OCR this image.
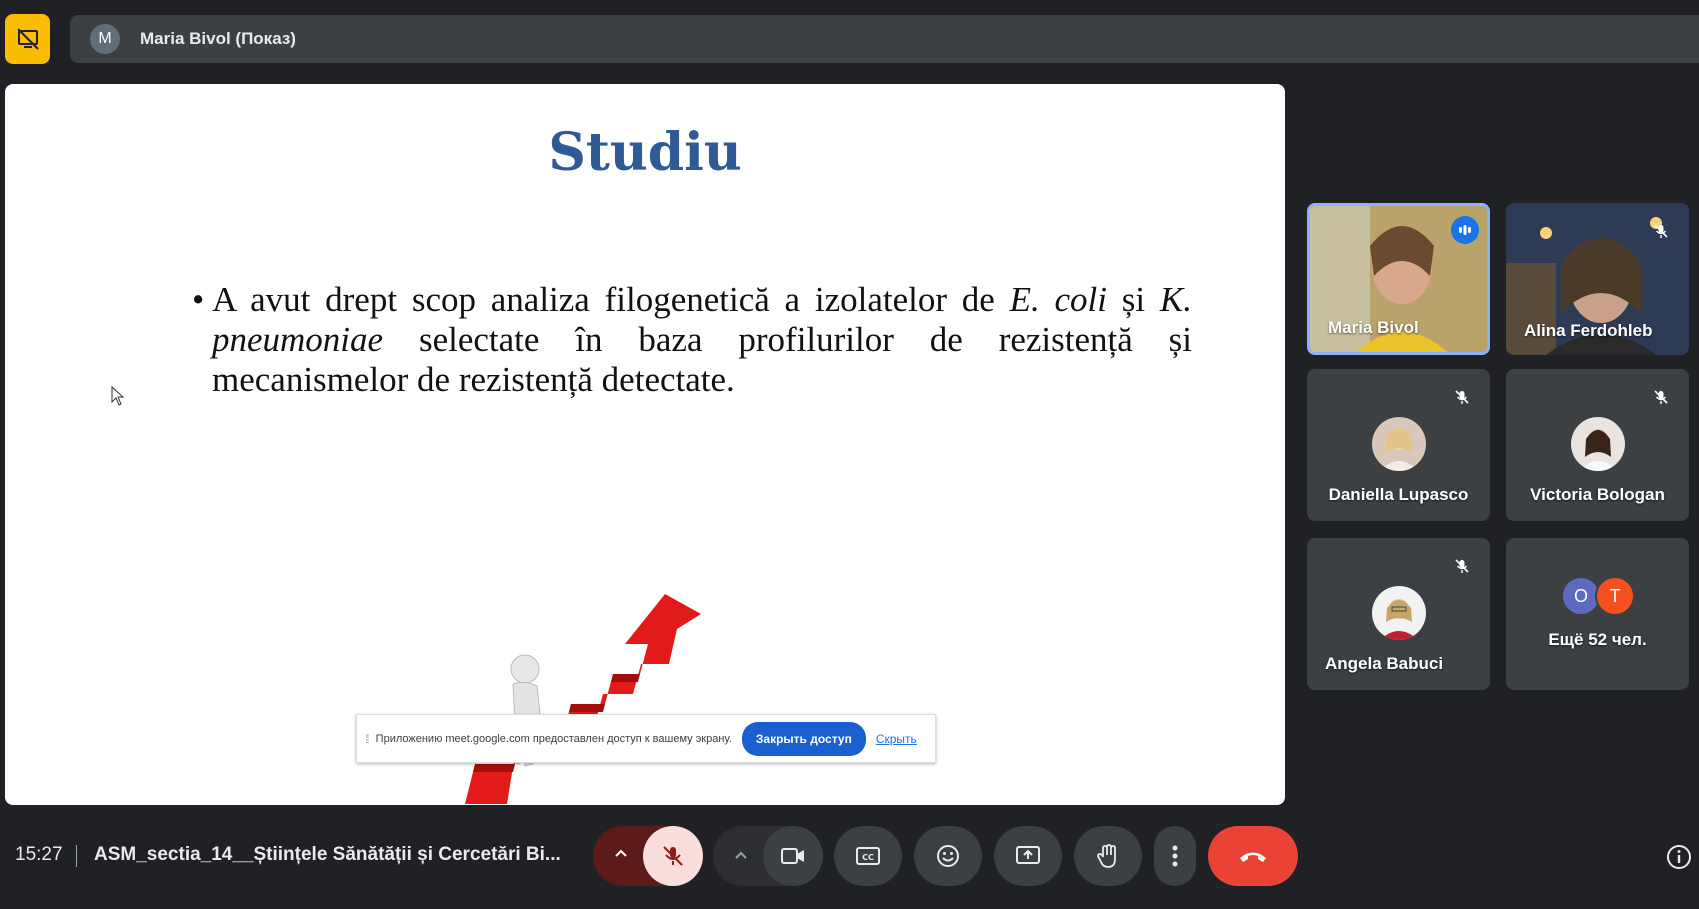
M	Maria Bivol (Показ)
Studiu
• A avut drept scop analiza filogenetică a izolatelor de E. coli și K. pneumoniae selectate în baza profilurilor de rezistență și mecanismelor de rezistență detectate.
⁞⁞ Приложению meet.google.com предоставлен доступ к вашему экрану.	Закрыть доступ	Скрыть
Maria Bivol	Alina Ferdohleb
Daniella Lupasco	Victoria Bologan
Angela Babuci
O	T
Ещё 52 чел.
15:27 ASM_sectia_14__Științele Sănătății și Cercetări Bi...	CC
